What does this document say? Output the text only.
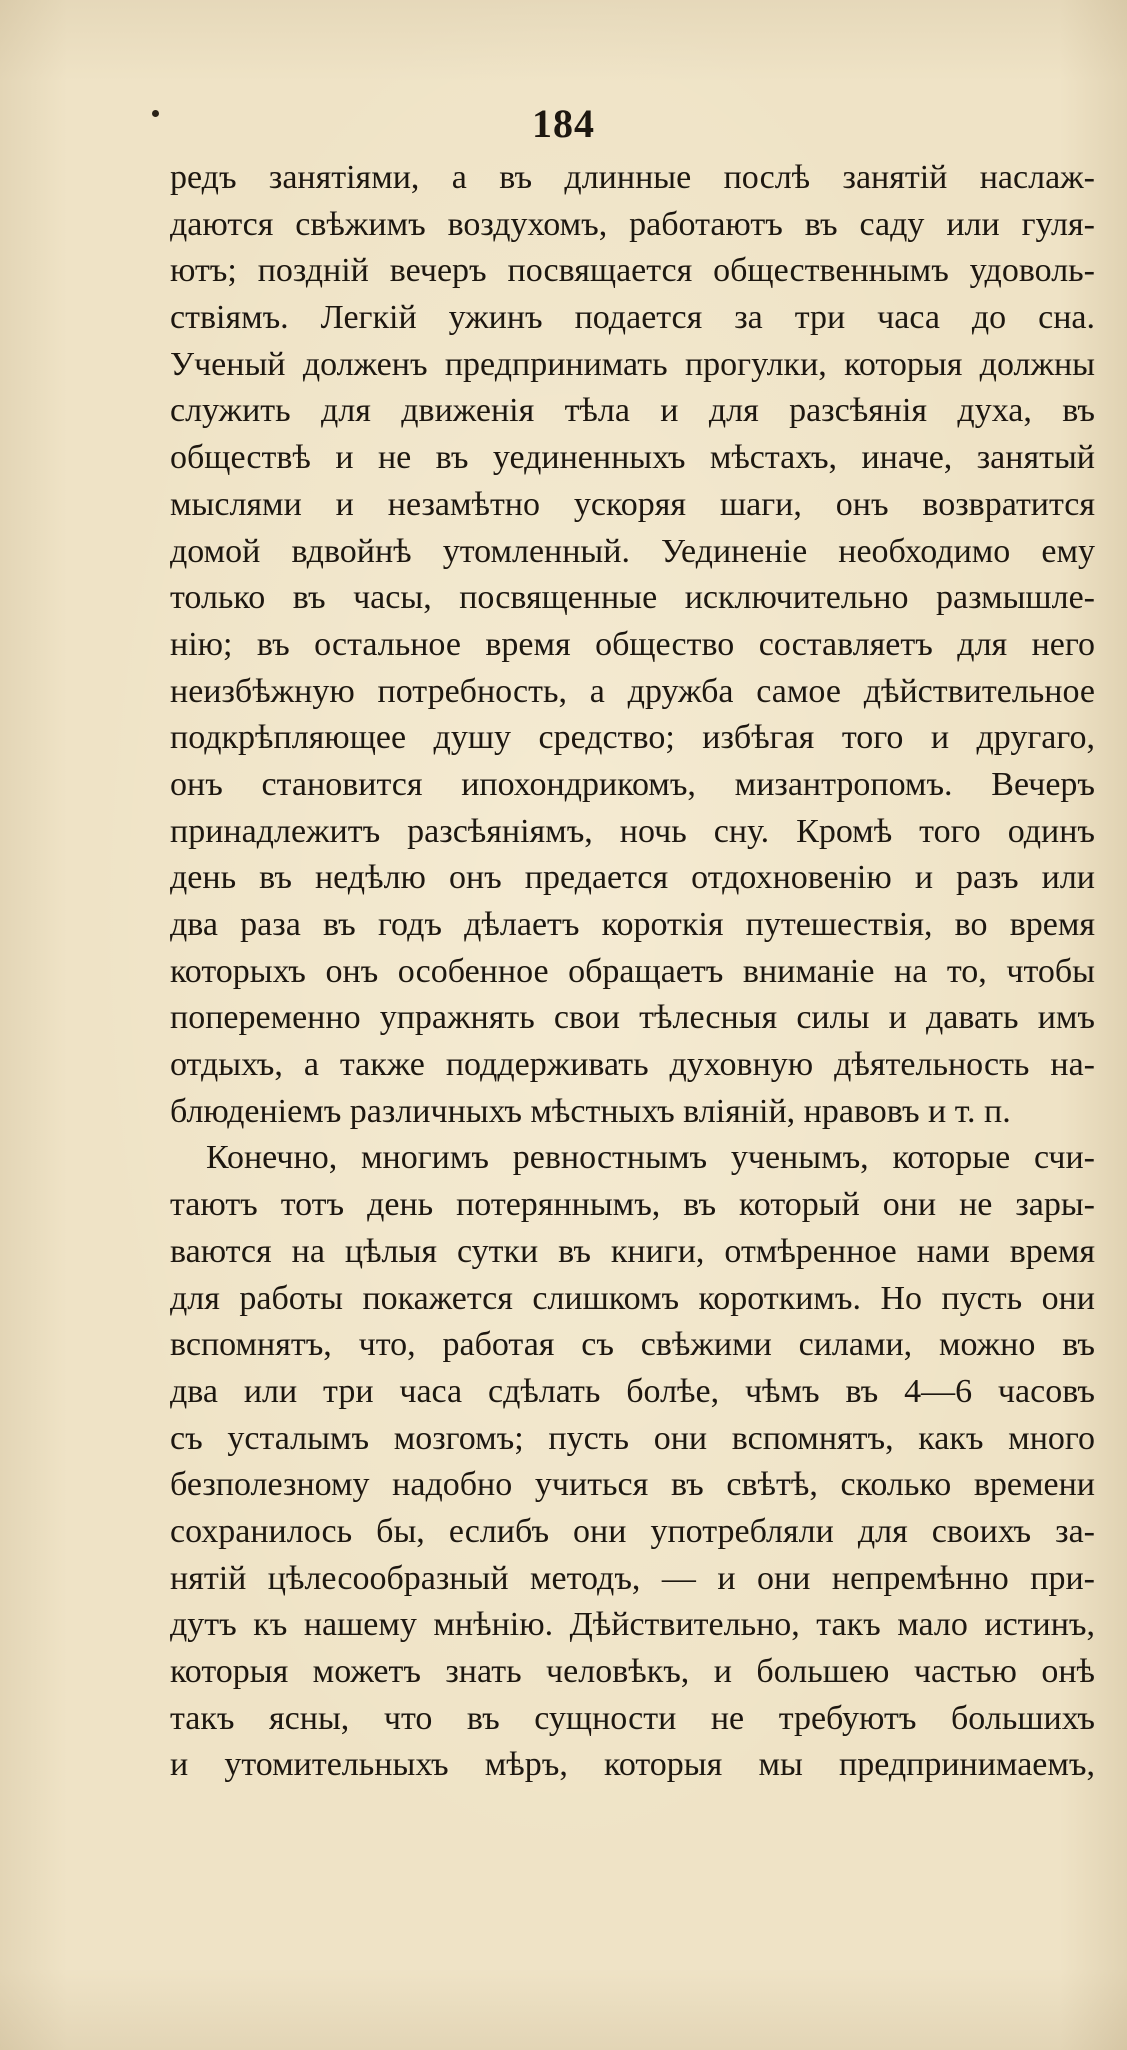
184
редъ занятіями, а въ длинные послѣ занятій наслаж-
даются свѣжимъ воздухомъ, работаютъ въ саду или гуля-
ютъ; поздній вечеръ посвящается общественнымъ удоволь-
ствіямъ. Легкій ужинъ подается за три часа до сна.
Ученый долженъ предпринимать прогулки, которыя должны
служить для движенія тѣла и для разсѣянія духа, въ
обществѣ и не въ уединенныхъ мѣстахъ, иначе, занятый
мыслями и незамѣтно ускоряя шаги, онъ возвратится
домой вдвойнѣ утомленный. Уединеніе необходимо ему
только въ часы, посвященные исключительно размышле-
нію; въ остальное время общество составляетъ для него
неизбѣжную потребность, а дружба самое дѣйствительное
подкрѣпляющее душу средство; избѣгая того и другаго,
онъ становится ипохондрикомъ, мизантропомъ. Вечеръ
принадлежитъ разсѣяніямъ, ночь сну. Кромѣ того одинъ
день въ недѣлю онъ предается отдохновенію и разъ или
два раза въ годъ дѣлаетъ короткія путешествія, во время
которыхъ онъ особенное обращаетъ вниманіе на то, чтобы
попеременно упражнять свои тѣлесныя силы и давать имъ
отдыхъ, а также поддерживать духовную дѣятельность на-
блюденіемъ различныхъ мѣстныхъ вліяній, нравовъ и т. п.
Конечно, многимъ ревностнымъ ученымъ, которые счи-
таютъ тотъ день потеряннымъ, въ который они не зары-
ваются на цѣлыя сутки въ книги, отмѣренное нами время
для работы покажется слишкомъ короткимъ. Но пусть они
вспомнятъ, что, работая съ свѣжими силами, можно въ
два или три часа сдѣлать болѣе, чѣмъ въ 4—6 часовъ
съ усталымъ мозгомъ; пусть они вспомнятъ, какъ много
безполезному надобно учиться въ свѣтѣ, сколько времени
сохранилось бы, еслибъ они употребляли для своихъ за-
нятій цѣлесообразный методъ, — и они непремѣнно при-
дутъ къ нашему мнѣнію. Дѣйствительно, такъ мало истинъ,
которыя можетъ знать человѣкъ, и большею частью онѣ
такъ ясны, что въ сущности не требуютъ большихъ
и утомительныхъ мѣръ, которыя мы предпринимаемъ,
